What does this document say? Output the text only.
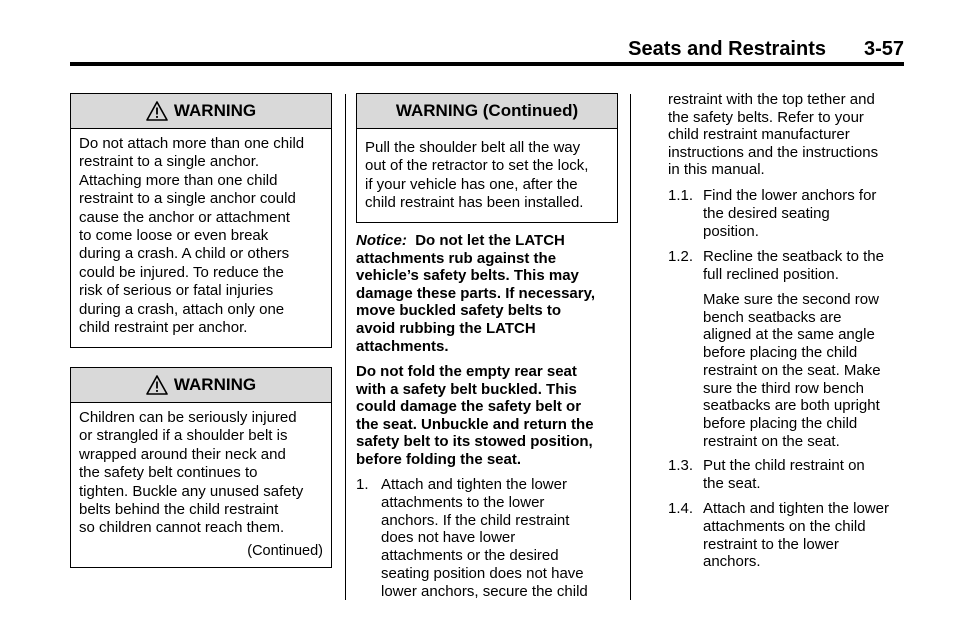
Seats and Restraints 3-57
WARNING
Do not attach more than one child
restraint to a single anchor.
Attaching more than one child
restraint to a single anchor could
cause the anchor or attachment
to come loose or even break
during a crash. A child or others
could be injured. To reduce the
risk of serious or fatal injuries
during a crash, attach only one
child restraint per anchor.
WARNING
Children can be seriously injured
or strangled if a shoulder belt is
wrapped around their neck and
the safety belt continues to
tighten. Buckle any unused safety
belts behind the child restraint
so children cannot reach them.
(Continued)
WARNING (Continued)
Pull the shoulder belt all the way
out of the retractor to set the lock,
if your vehicle has one, after the
child restraint has been installed.
Notice: Do not let the LATCH
attachments rub against the
vehicle’s safety belts. This may
damage these parts. If necessary,
move buckled safety belts to
avoid rubbing the LATCH
attachments.
Do not fold the empty rear seat
with a safety belt buckled. This
could damage the safety belt or
the seat. Unbuckle and return the
safety belt to its stowed position,
before folding the seat.
1. Attach and tighten the lower
attachments to the lower
anchors. If the child restraint
does not have lower
attachments or the desired
seating position does not have
lower anchors, secure the child
restraint with the top tether and
the safety belts. Refer to your
child restraint manufacturer
instructions and the instructions
in this manual.
1.1. Find the lower anchors for
the desired seating
position.
1.2. Recline the seatback to the
full reclined position.
Make sure the second row
bench seatbacks are
aligned at the same angle
before placing the child
restraint on the seat. Make
sure the third row bench
seatbacks are both upright
before placing the child
restraint on the seat.
1.3. Put the child restraint on
the seat.
1.4. Attach and tighten the lower
attachments on the child
restraint to the lower
anchors.
